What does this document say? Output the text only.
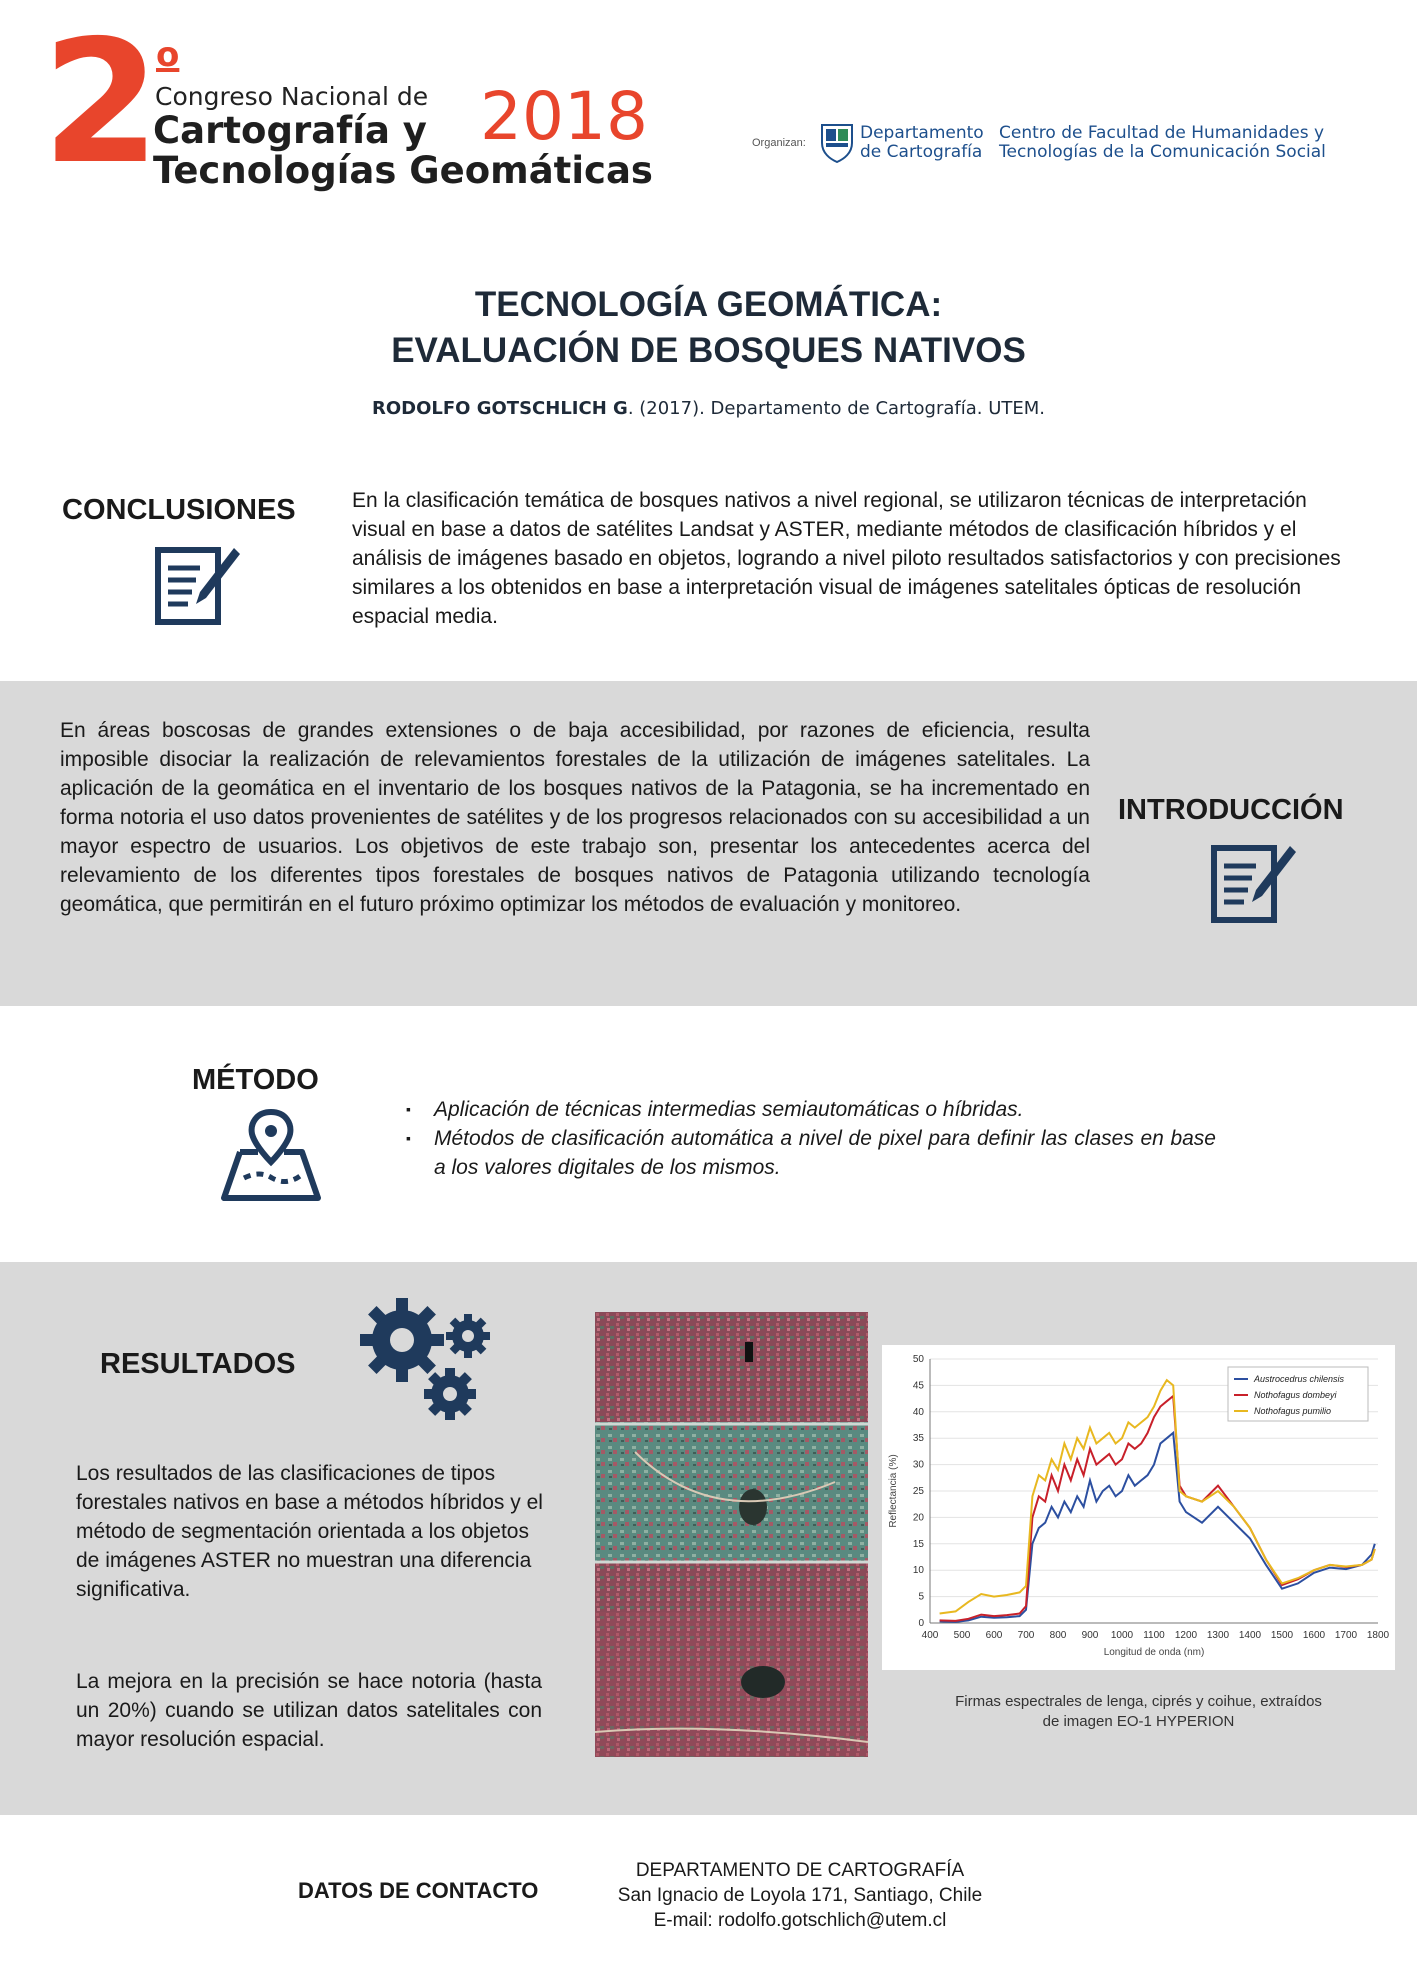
2 o
Congreso Nacional de
Cartografía y
Tecnologías Geomáticas
2018	Organizan:	Departamento
de Cartografía
Centro de Facultad de Humanidades y
Tecnologías de la Comunicación Social
TECNOLOGÍA GEOMÁTICA:
EVALUACIÓN DE BOSQUES NATIVOS
RODOLFO GOTSCHLICH G. (2017). Departamento de Cartografía. UTEM.
CONCLUSIONES	En la clasificación temática de bosques nativos a nivel regional, se utilizaron técnicas de interpretación visual en base a datos de satélites Landsat y ASTER, mediante métodos de clasificación híbridos y el análisis de imágenes basado en objetos, logrando a nivel piloto resultados satisfactorios y con precisiones similares a los obtenidos en base a interpretación visual de imágenes satelitales ópticas de resolución espacial media.
En áreas boscosas de grandes extensiones o de baja accesibilidad, por razones de eficiencia, resulta imposible disociar la realización de relevamientos forestales de la utilización de imágenes satelitales. La aplicación de la geomática en el inventario de los bosques nativos de la Patagonia, se ha incrementado en forma notoria el uso datos provenientes de satélites y de los progresos relacionados con su accesibilidad a un mayor espectro de usuarios. Los objetivos de este trabajo son, presentar los antecedentes acerca del relevamiento de los diferentes tipos forestales de bosques nativos de Patagonia utilizando tecnología geomática, que permitirán en el futuro próximo optimizar los métodos de evaluación y monitoreo.
INTRODUCCIÓN
MÉTODO
▪ Aplicación de técnicas intermedias semiautomáticas o híbridas.
▪ Métodos de clasificación automática a nivel de pixel para definir las clases en base a los valores digitales de los mismos.
RESULTADOS
Los resultados de las clasificaciones de tipos forestales nativos en base a métodos híbridos y el método de segmentación orientada a los objetos de imágenes ASTER no muestran una diferencia significativa.
La mejora en la precisión se hace notoria (hasta un 20%) cuando se utilizan datos satelitales con mayor resolución espacial.
0
5
10
15
20
25
30
35
40
45
50
400 500 600 700 800 900 1000 1100 1200 1300 1400 1500 1600 1700 1800
Longitud de onda (nm)
Reflectancia (%)
Austrocedrus chilensis
Nothofagus dombeyi
Nothofagus pumilio
Firmas espectrales de lenga, ciprés y coihue, extraídos
de imagen EO-1 HYPERION
DATOS DE CONTACTO
DEPARTAMENTO DE CARTOGRAFÍA
San Ignacio de Loyola 171, Santiago, Chile
E-mail: rodolfo.gotschlich@utem.cl
